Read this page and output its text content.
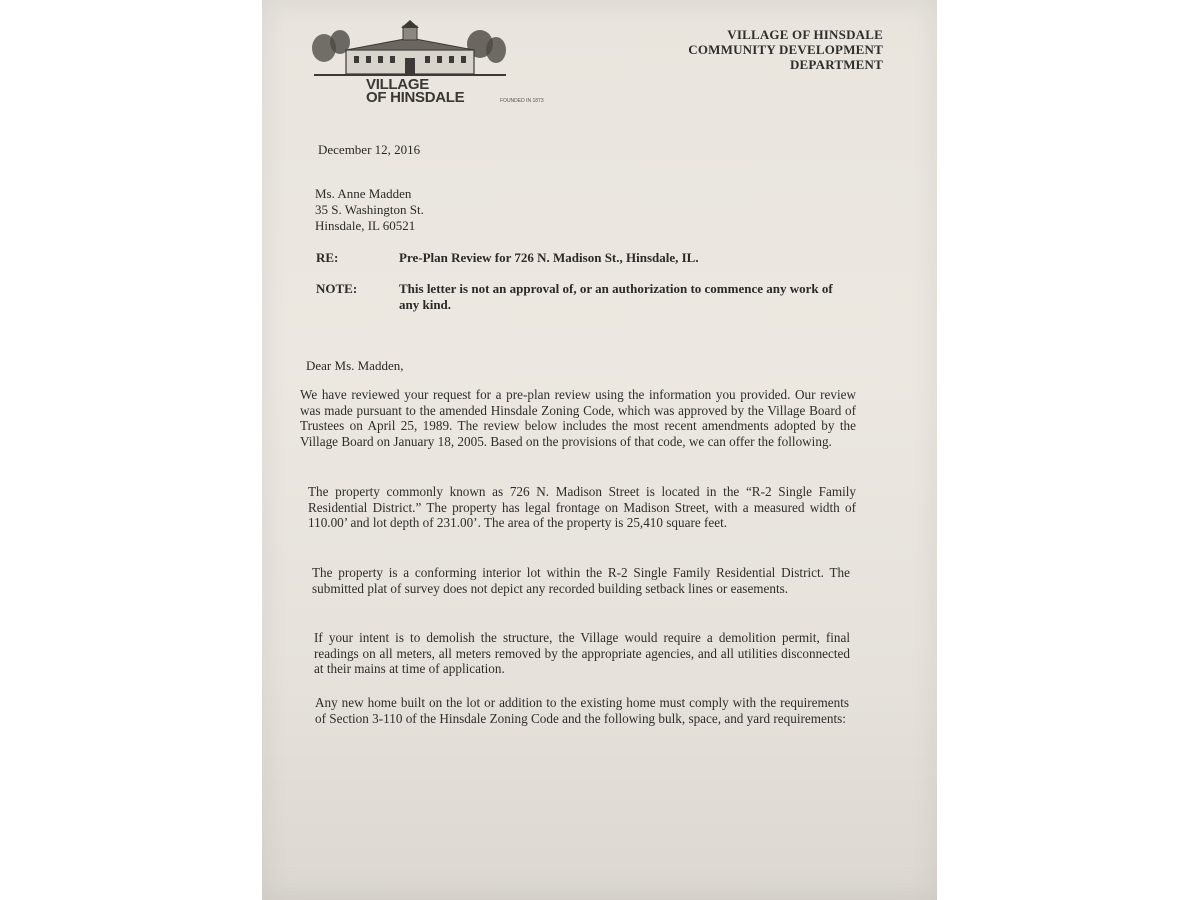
VILLAGE
OF HINSDALE	FOUNDED IN 1873
VILLAGE OF HINSDALE
COMMUNITY DEVELOPMENT
DEPARTMENT
December 12, 2016
Ms. Anne Madden
35 S. Washington St.
Hinsdale, IL 60521
RE:	Pre-Plan Review for 726 N. Madison St., Hinsdale, IL.
NOTE:	This letter is not an approval of, or an authorization to commence any work of any kind.
Dear Ms. Madden,
We have reviewed your request for a pre-plan review using the information you provided. Our review was made pursuant to the amended Hinsdale Zoning Code, which was approved by the Village Board of Trustees on April 25, 1989. The review below includes the most recent amendments adopted by the Village Board on January 18, 2005. Based on the provisions of that code, we can offer the following.
The property commonly known as 726 N. Madison Street is located in the “R-2 Single Family Residential District.” The property has legal frontage on Madison Street, with a measured width of 110.00’ and lot depth of 231.00’. The area of the property is 25,410 square feet.
The property is a conforming interior lot within the R-2 Single Family Residential District. The submitted plat of survey does not depict any recorded building setback lines or easements.
If your intent is to demolish the structure, the Village would require a demolition permit, final readings on all meters, all meters removed by the appropriate agencies, and all utilities disconnected at their mains at time of application.
Any new home built on the lot or addition to the existing home must comply with the requirements of Section 3-110 of the Hinsdale Zoning Code and the following bulk, space, and yard requirements:
